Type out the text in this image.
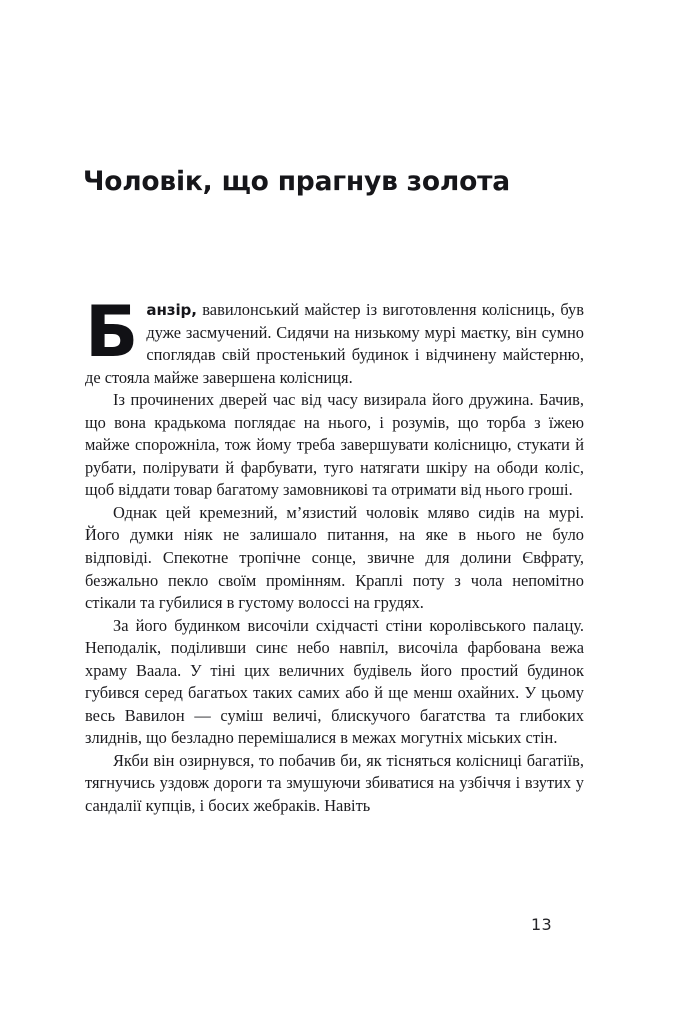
Чоловік, що прагнув золота

Банзір, вавилонський майстер із виготовлення колісниць, був дуже засмучений. Сидячи на низькому мурі маєтку, він сумно споглядав свій простенький будинок і відчинену майстерню, де стояла майже завершена колісниця.

Із прочинених дверей час від часу визирала його дружина. Бачив, що вона крадькома поглядає на нього, і розумів, що торба з їжею майже спорожніла, тож йому треба завершувати колісницю, стукати й рубати, полірувати й фарбувати, туго натягати шкіру на ободи коліс, щоб віддати товар багатому замовникові та отримати від нього гроші.

Однак цей кремезний, м’язистий чоловік мляво сидів на мурі. Його думки ніяк не залишало питання, на яке в нього не було відповіді. Спекотне тропічне сонце, звичне для долини Євфрату, безжально пекло своїм промінням. Краплі поту з чола непомітно стікали та губилися в густому волоссі на грудях.

За його будинком височіли східчасті стіни королівського палацу. Неподалік, поділивши синє небо навпіл, височіла фарбована вежа храму Ваала. У тіні цих величних будівель його простий будинок губився серед багатьох таких самих або й ще менш охайних. У цьому весь Вавилон — суміш величі, блискучого багатства та глибоких злиднів, що безладно перемішалися в межах могутніх міських стін.

Якби він озирнувся, то побачив би, як тісняться колісниці багатіїв, тягнучись уздовж дороги та змушуючи збиватися на узбіччя і взутих у сандалії купців, і босих жебраків. Навіть

13
